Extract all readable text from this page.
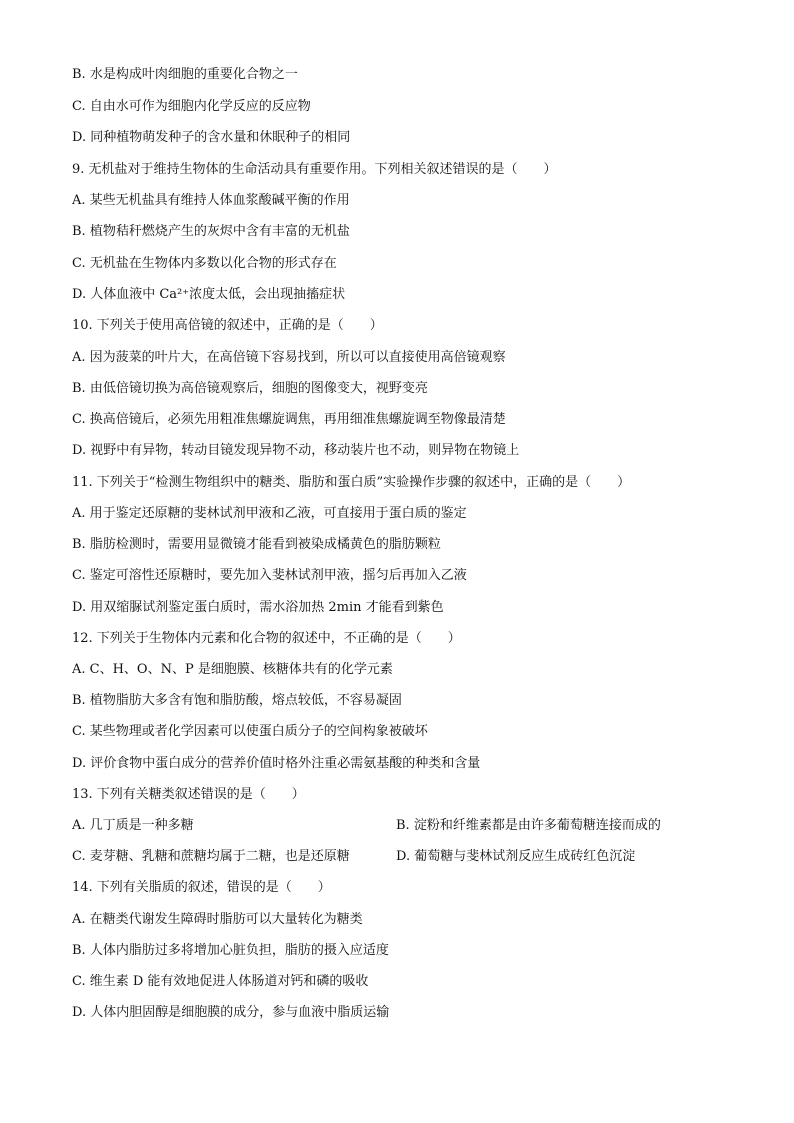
B. 水是构成叶肉细胞的重要化合物之一
C. 自由水可作为细胞内化学反应的反应物
D. 同种植物萌发种子的含水量和休眠种子的相同
9. 无机盐对于维持生物体的生命活动具有重要作用。下列相关叙述错误的是（　　）
A. 某些无机盐具有维持人体血浆酸碱平衡的作用
B. 植物秸秆燃烧产生的灰烬中含有丰富的无机盐
C. 无机盐在生物体内多数以化合物的形式存在
D. 人体血液中 Ca²⁺浓度太低，会出现抽搐症状
10. 下列关于使用高倍镜的叙述中，正确的是（　　）
A. 因为菠菜的叶片大，在高倍镜下容易找到，所以可以直接使用高倍镜观察
B. 由低倍镜切换为高倍镜观察后，细胞的图像变大，视野变亮
C. 换高倍镜后，必须先用粗准焦螺旋调焦，再用细准焦螺旋调至物像最清楚
D. 视野中有异物，转动目镜发现异物不动，移动装片也不动，则异物在物镜上
11. 下列关于“检测生物组织中的糖类、脂肪和蛋白质”实验操作步骤的叙述中，正确的是（　　）
A. 用于鉴定还原糖的斐林试剂甲液和乙液，可直接用于蛋白质的鉴定
B. 脂肪检测时，需要用显微镜才能看到被染成橘黄色的脂肪颗粒
C. 鉴定可溶性还原糖时，要先加入斐林试剂甲液，摇匀后再加入乙液
D. 用双缩脲试剂鉴定蛋白质时，需水浴加热 2min 才能看到紫色
12. 下列关于生物体内元素和化合物的叙述中，不正确的是（　　）
A. C、H、O、N、P 是细胞膜、核糖体共有的化学元素
B. 植物脂肪大多含有饱和脂肪酸，熔点较低，不容易凝固
C. 某些物理或者化学因素可以使蛋白质分子的空间构象被破坏
D. 评价食物中蛋白成分的营养价值时格外注重必需氨基酸的种类和含量
13. 下列有关糖类叙述错误的是（　　）
A. 几丁质是一种多糖	B. 淀粉和纤维素都是由许多葡萄糖连接而成的
C. 麦芽糖、乳糖和蔗糖均属于二糖，也是还原糖	D. 葡萄糖与斐林试剂反应生成砖红色沉淀
14. 下列有关脂质的叙述，错误的是（　　）
A. 在糖类代谢发生障碍时脂肪可以大量转化为糖类
B. 人体内脂肪过多将增加心脏负担，脂肪的摄入应适度
C. 维生素 D 能有效地促进人体肠道对钙和磷的吸收
D. 人体内胆固醇是细胞膜的成分，参与血液中脂质运输
